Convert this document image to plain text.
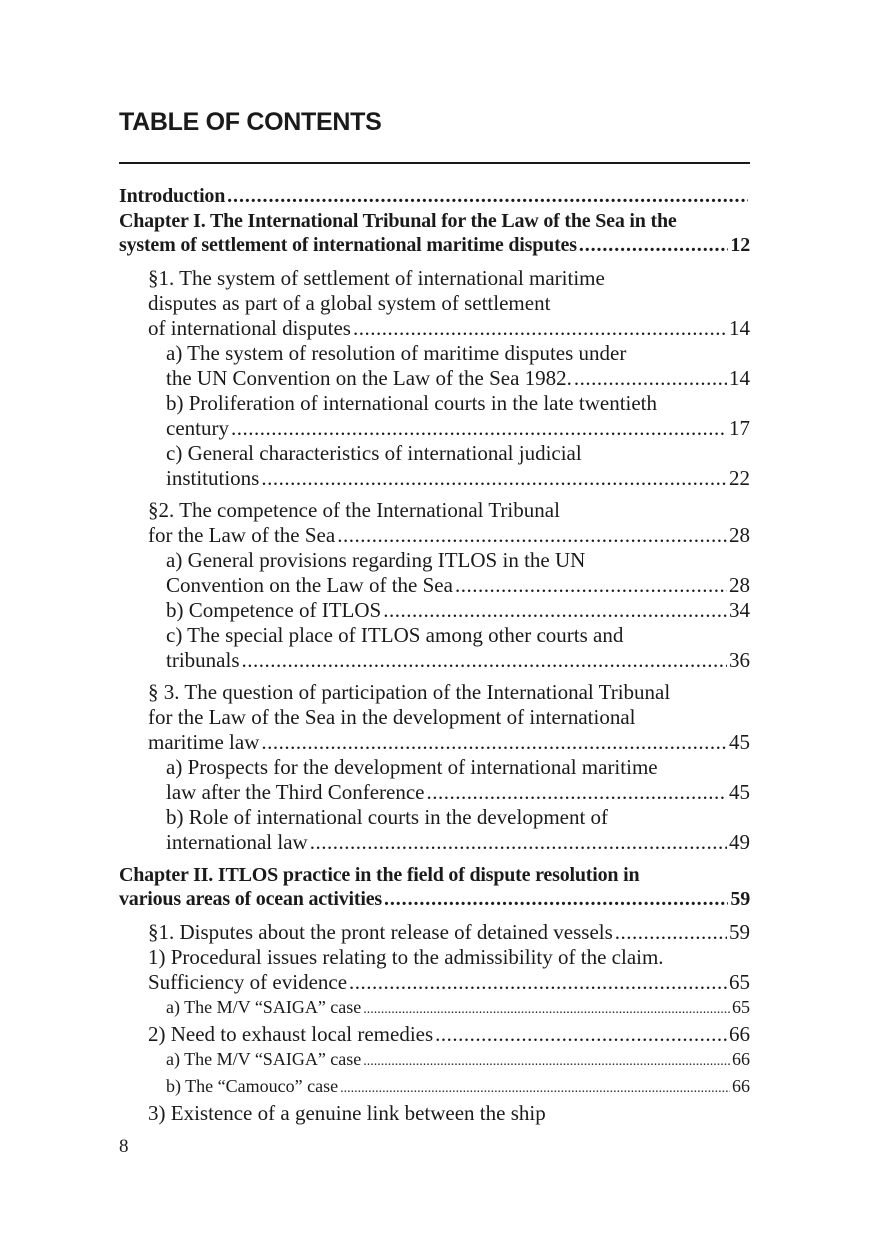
TABLE OF CONTENTS
Introduction
.....
Chapter I. The International Tribunal for the Law of the Sea in the
system of settlement of international maritime disputes .....	12
§1. The system of settlement of international maritime
disputes as part of a global system of settlement
of international disputes .....	14
a) The system of resolution of maritime disputes under
the UN Convention on the Law of the Sea 1982. .....	14
b) Proliferation of international courts in the late twentieth
century .....	17
c) General characteristics of international judicial
institutions .....	22
§2. The competence of the International Tribunal
for the Law of the Sea .....	28
a) General provisions regarding ITLOS in the UN
Convention on the Law of the Sea .....	28
b) Competence of ITLOS .....	34
c) The special place of ITLOS among other courts and
tribunals .....	36
§ 3. The question of participation of the International Tribunal
for the Law of the Sea in the development of international
maritime law .....	45
a) Prospects for the development of international maritime
law after the Third Conference .....	45
b) Role of international courts in the development of
international law .....	49
Chapter II. ITLOS practice in the field of dispute resolution in
various areas of ocean activities .....	59
§1. Disputes about the pront release of detained vessels .....	59
1) Procedural issues relating to the admissibility of the claim.
Sufficiency of evidence .....	65
a) The M/V “SAIGA” case .....	65
2) Need to exhaust local remedies .....	66
a) The M/V “SAIGA” case .....	66
b) The “Camouco” case .....	66
3) Existence of a genuine link between the ship
8
